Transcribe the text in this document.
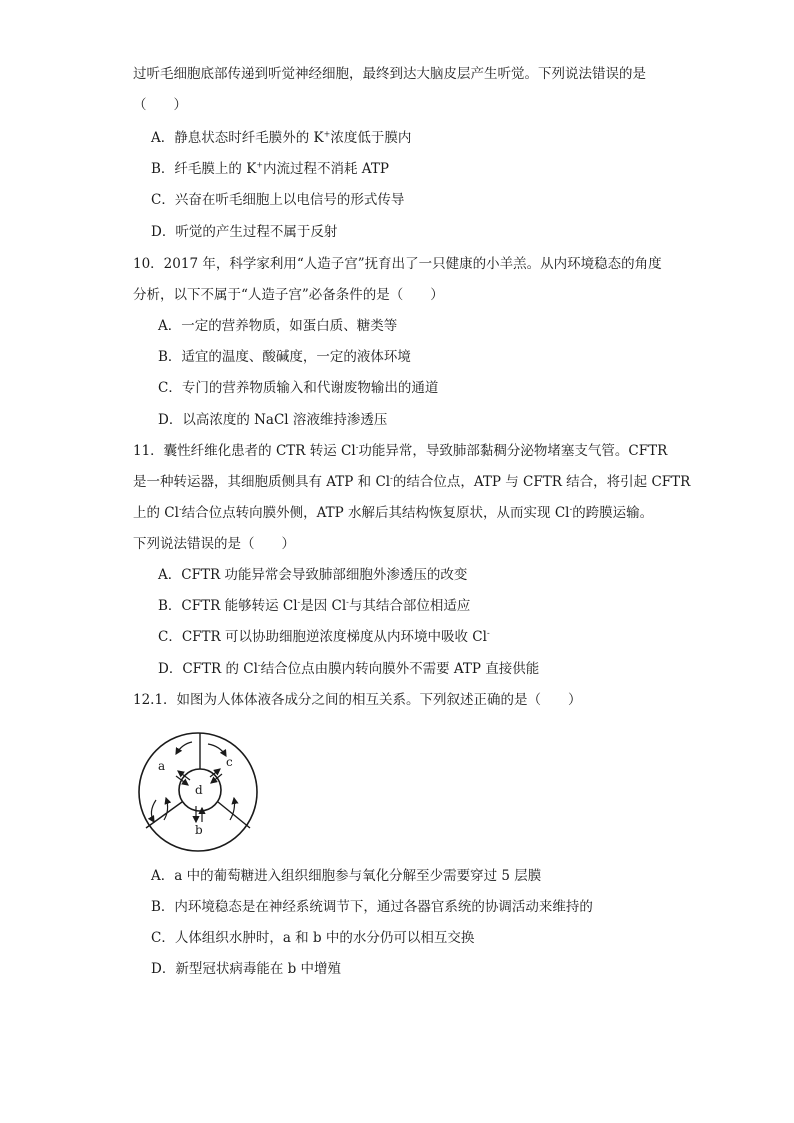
过听毛细胞底部传递到听觉神经细胞，最终到达大脑皮层产生听觉。下列说法错误的是
（　　）
A．静息状态时纤毛膜外的 K+浓度低于膜内
B．纤毛膜上的 K+内流过程不消耗 ATP
C．兴奋在听毛细胞上以电信号的形式传导
D．听觉的产生过程不属于反射
10．2017 年，科学家利用“人造子宫”抚育出了一只健康的小羊羔。从内环境稳态的角度
分析，以下不属于“人造子宫”必备条件的是（　　）
A．一定的营养物质，如蛋白质、糖类等
B．适宜的温度、酸碱度，一定的液体环境
C．专门的营养物质输入和代谢废物输出的通道
D．以高浓度的 NaCl 溶液维持渗透压
11．囊性纤维化患者的 CTR 转运 Cl-功能异常，导致肺部黏稠分泌物堵塞支气管。CFTR
是一种转运器，其细胞质侧具有 ATP 和 Cl-的结合位点，ATP 与 CFTR 结合，将引起 CFTR
上的 Cl-结合位点转向膜外侧，ATP 水解后其结构恢复原状，从而实现 Cl-的跨膜运输。
下列说法错误的是（　　）
A．CFTR 功能异常会导致肺部细胞外渗透压的改变
B．CFTR 能够转运 Cl-是因 Cl-与其结合部位相适应
C．CFTR 可以协助细胞逆浓度梯度从内环境中吸收 Cl-
D．CFTR 的 Cl-结合位点由膜内转向膜外不需要 ATP 直接供能
12.1．如图为人体体液各成分之间的相互关系。下列叙述正确的是（　　）
a	c
d
b
A．a 中的葡萄糖进入组织细胞参与氧化分解至少需要穿过 5 层膜
B．内环境稳态是在神经系统调节下，通过各器官系统的协调活动来维持的
C．人体组织水肿时，a 和 b 中的水分仍可以相互交换
D．新型冠状病毒能在 b 中增殖
